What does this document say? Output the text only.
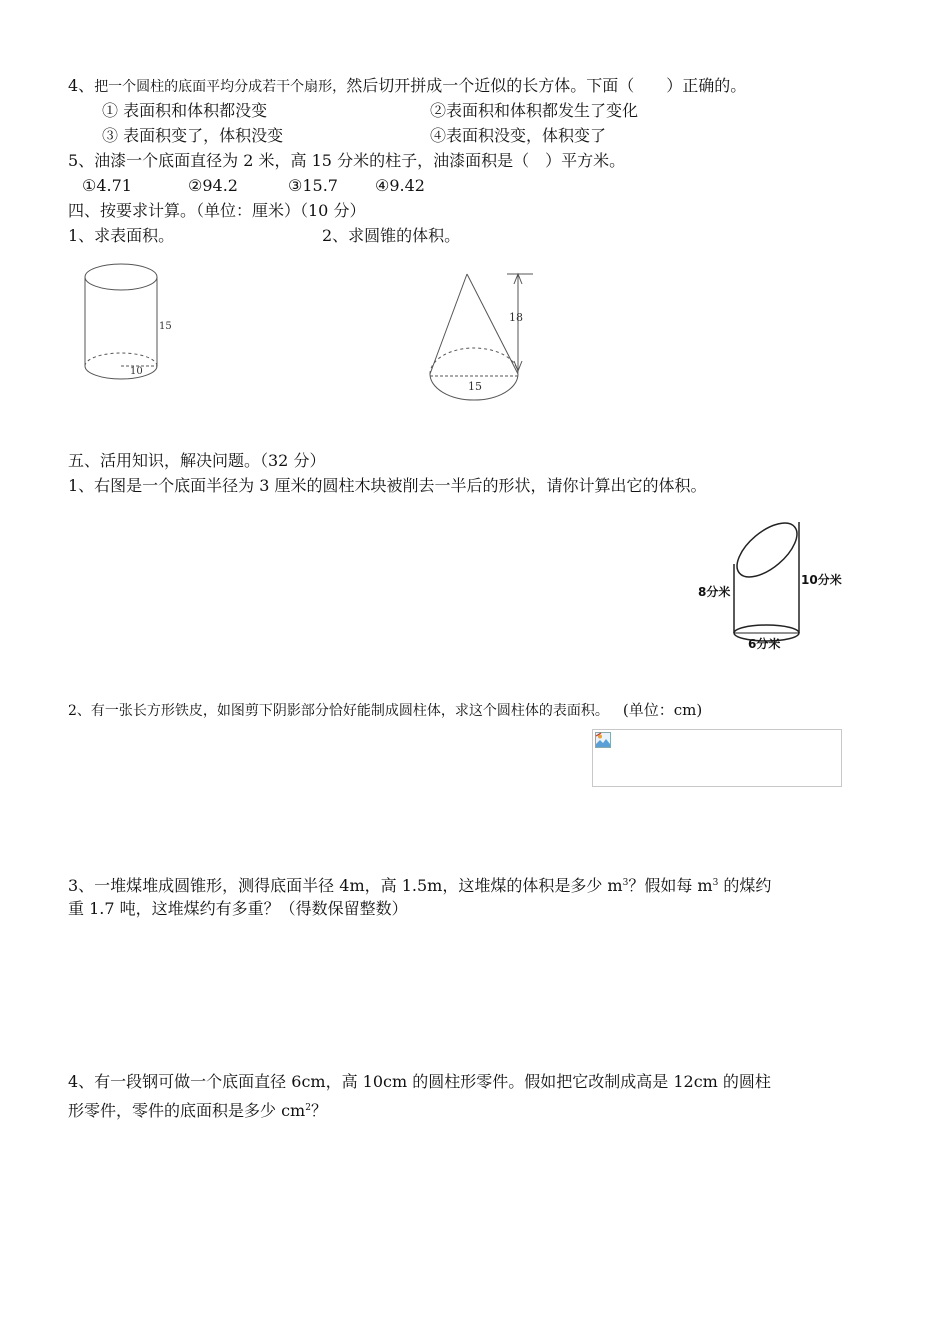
4、把一个圆柱的底面平均分成若干个扇形，然后切开拼成一个近似的长方体。下面（　　）正确的。
① 表面积和体积都没变	②表面积和体积都发生了变化
③ 表面积变了，体积没变	④表面积没变，体积变了
5、油漆一个底面直径为 2 米，高 15 分米的柱子，油漆面积是（　）平方米。
①4.71	②94.2	③15.7 ④9.42
四、按要求计算。（单位：厘米）（10 分）
1、求表面积。	2、求圆锥的体积。
15
10
18
15
五、活用知识，解决问题。（32 分）
1、右图是一个底面半径为 3 厘米的圆柱木块被削去一半后的形状，请你计算出它的体积。
8分米
10分米
6分米
2、有一张长方形铁皮，如图剪下阴影部分恰好能制成圆柱体，求这个圆柱体的表面积。 (单位：cm)
3、一堆煤堆成圆锥形，测得底面半径 4m，高 1.5m，这堆煤的体积是多少 $m^3$？假如每 $m^3$ 的煤约
重 1.7 吨，这堆煤约有多重？（得数保留整数）
4、有一段钢可做一个底面直径 6cm，高 10cm 的圆柱形零件。假如把它改制成高是 12cm 的圆柱
形零件，零件的底面积是多少 $cm^2$？
